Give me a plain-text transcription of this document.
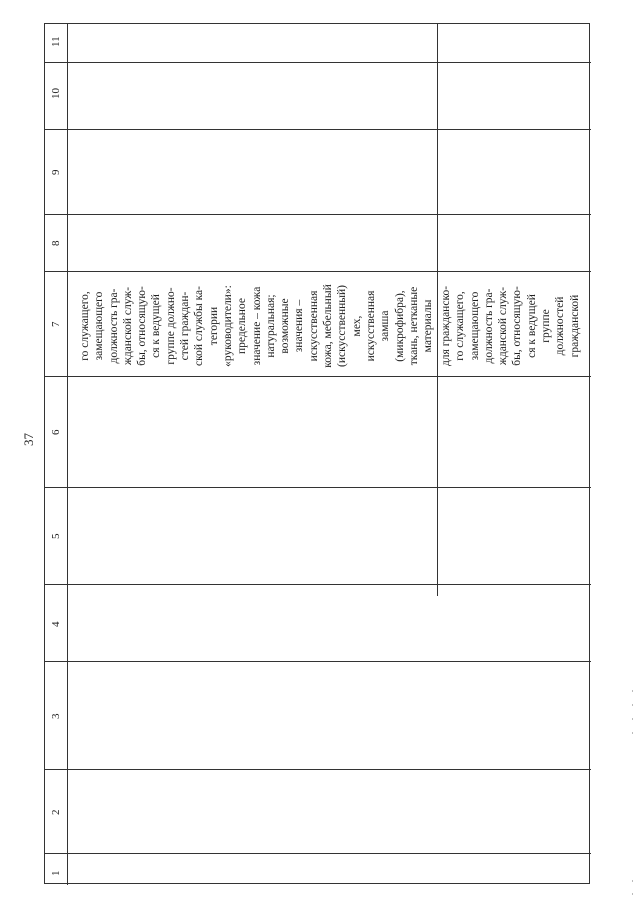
37
1
2
3
4
5
6
7
8
9
10
11
го служащего, замещающего должность гра- жданской служ- бы, относящую- ся к ведущей группе должно- стей граждан- ской службы ка- тегории «руководители»: предельное значение – кожа натуральная; возможные значения – искусственная кожа, мебельный (искусственный) мех, искусственная замша (микрофибра), ткань, нетканые материалы для гражданско- го служащего, замещающего должность гра- жданской служ- бы, относящую- ся к ведущей группе должностей гражданской
